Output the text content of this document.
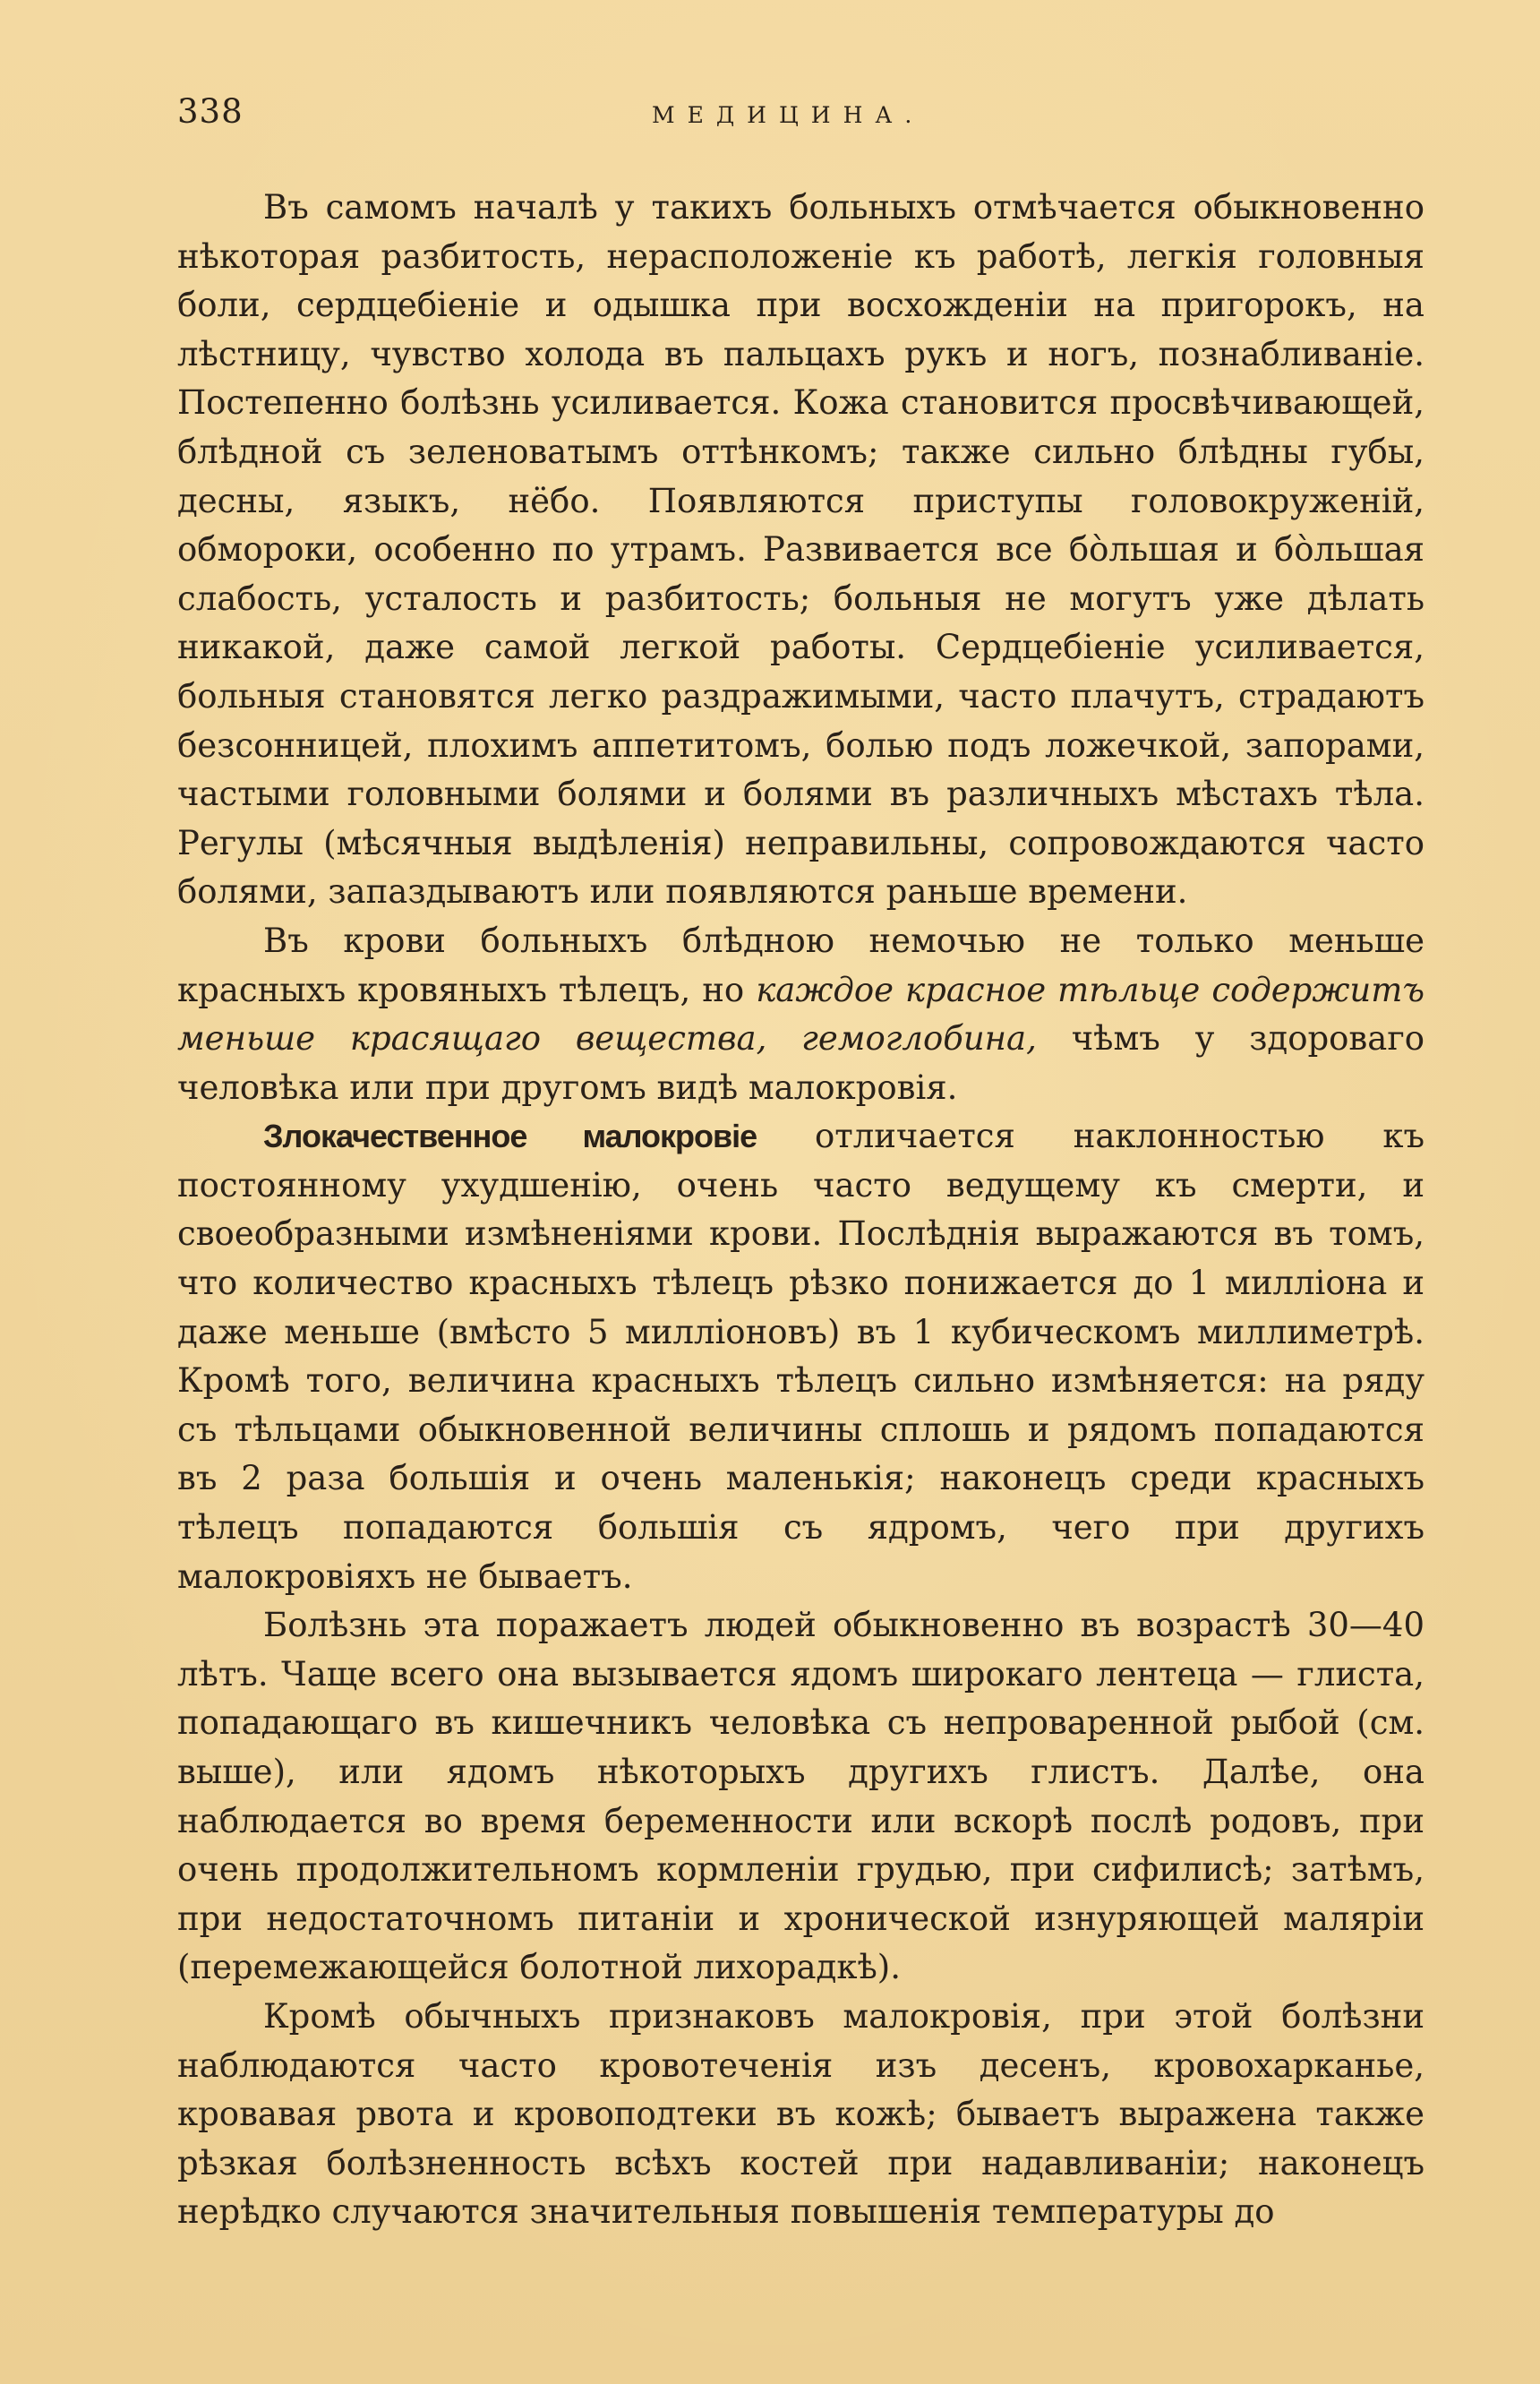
338	МЕДИЦИНА.

Въ самомъ началѣ у такихъ больныхъ отмѣчается обыкновенно нѣкоторая разбитость, нерасположеніе къ работѣ, легкія головныя боли, сердцебіеніе и одышка при восхожденіи на пригорокъ, на лѣстницу, чувство холода въ пальцахъ рукъ и ногъ, познабливаніе. Постепенно болѣзнь усиливается. Кожа становится просвѣчивающей, блѣдной съ зеленоватымъ оттѣнкомъ; также сильно блѣдны губы, десны, языкъ, нёбо. Появляются приступы головокруженій, обмороки, особенно по утрамъ. Развивается все бо̀льшая и бо̀льшая слабость, усталость и разбитость; больныя не могутъ уже дѣлать никакой, даже самой легкой работы. Сердцебіеніе усиливается, больныя становятся легко раздражимыми, часто плачутъ, страдаютъ безсонницей, плохимъ аппетитомъ, болью подъ ложечкой, запорами, частыми головными болями и болями въ различныхъ мѣстахъ тѣла. Регулы (мѣсячныя выдѣленія) неправильны, сопровождаются часто болями, запаздываютъ или появляются раньше времени.

Въ крови больныхъ блѣдною немочью не только меньше красныхъ кровяныхъ тѣлецъ, но каждое красное тѣльце содержитъ меньше красящаго вещества, гемоглобина, чѣмъ у здороваго человѣка или при другомъ видѣ малокровія.

Злокачественное малокровіе отличается наклонностью къ постоянному ухудшенію, очень часто ведущему къ смерти, и своеобразными измѣненіями крови. Послѣднія выражаются въ томъ, что количество красныхъ тѣлецъ рѣзко понижается до 1 милліона и даже меньше (вмѣсто 5 милліоновъ) въ 1 кубическомъ миллиметрѣ. Кромѣ того, величина красныхъ тѣлецъ сильно измѣняется: на ряду съ тѣльцами обыкновенной величины сплошь и рядомъ попадаются въ 2 раза большія и очень маленькія; наконецъ среди красныхъ тѣлецъ попадаются большія съ ядромъ, чего при другихъ малокровіяхъ не бываетъ.

Болѣзнь эта поражаетъ людей обыкновенно въ возрастѣ 30—40 лѣтъ. Чаще всего она вызывается ядомъ широкаго лентеца — глиста, попадающаго въ кишечникъ человѣка съ непроваренной рыбой (см. выше), или ядомъ нѣкоторыхъ другихъ глистъ. Далѣе, она наблюдается во время беременности или вскорѣ послѣ родовъ, при очень продолжительномъ кормленіи грудью, при сифилисѣ; затѣмъ, при недостаточномъ питаніи и хронической изнуряющей маляріи (перемежающейся болотной лихорадкѣ).

Кромѣ обычныхъ признаковъ малокровія, при этой болѣзни наблюдаются часто кровотеченія изъ деcенъ, кровохарканье, кровавая рвота и кровоподтеки въ кожѣ; бываетъ выражена также рѣзкая болѣзненность всѣхъ костей при надавливаніи; наконецъ нерѣдко случаются значительныя повышенія температуры до
